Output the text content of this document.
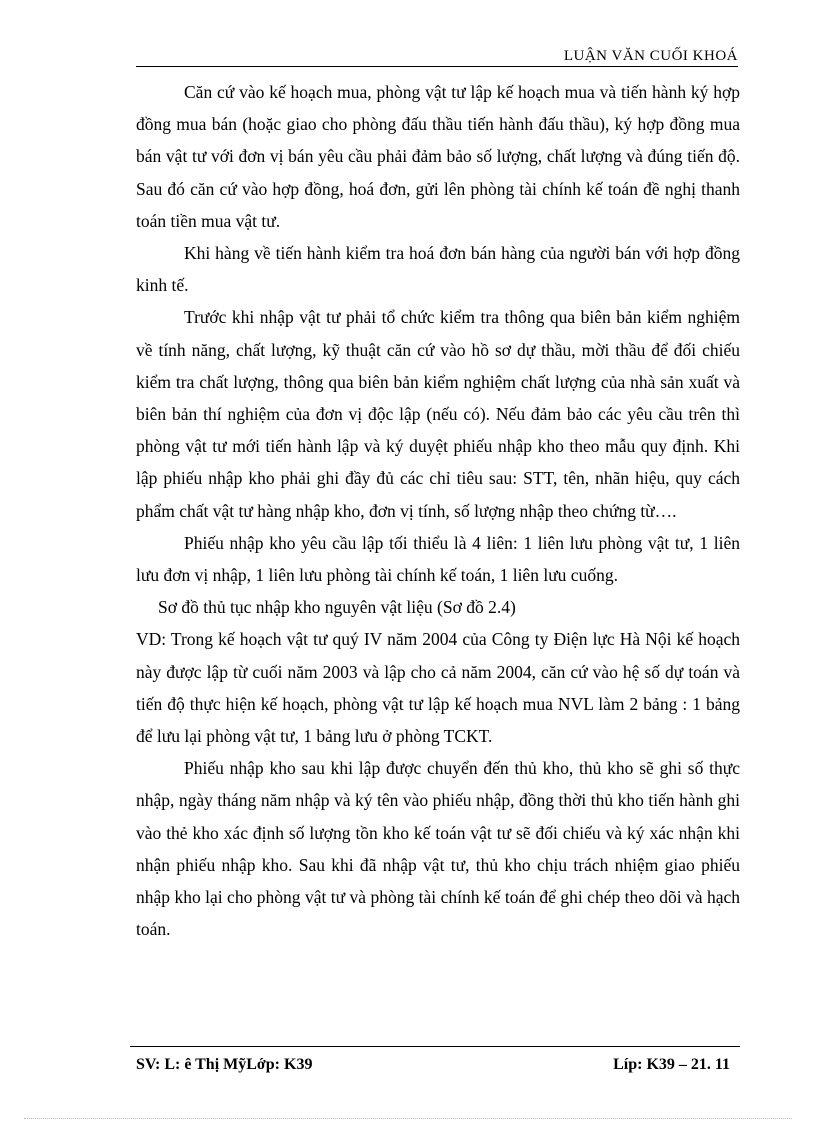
LUẬN VĂN CUỐI KHOÁ

Căn cứ vào kế hoạch mua, phòng vật tư lập kế hoạch mua và tiến hành ký hợp đồng mua bán (hoặc giao cho phòng đấu thầu tiến hành đấu thầu), ký hợp đồng mua bán vật tư với đơn vị bán yêu cầu phải đảm bảo số lượng, chất lượng và đúng tiến độ. Sau đó căn cứ vào hợp đồng, hoá đơn, gửi lên phòng tài chính kế toán đề nghị thanh toán tiền mua vật tư.

Khi hàng về tiến hành kiểm tra hoá đơn bán hàng của người bán với hợp đồng kinh tế.

Trước khi nhập vật tư phải tổ chức kiểm tra thông qua biên bản kiểm nghiệm về tính năng, chất lượng, kỹ thuật căn cứ vào hồ sơ dự thầu, mời thầu để đối chiếu kiểm tra chất lượng, thông qua biên bản kiểm nghiệm chất lượng của nhà sản xuất và biên bản thí nghiệm của đơn vị độc lập (nếu có). Nếu đảm bảo các yêu cầu trên thì phòng vật tư mới tiến hành lập và ký duyệt phiếu nhập kho theo mẫu quy định. Khi lập phiếu nhập kho phải ghi đầy đủ các chỉ tiêu sau: STT, tên, nhãn hiệu, quy cách phẩm chất vật tư hàng nhập kho, đơn vị tính, số lượng nhập theo chứng từ….

Phiếu nhập kho yêu cầu lập tối thiểu là 4 liên: 1 liên lưu phòng vật tư, 1 liên lưu đơn vị nhập, 1 liên lưu phòng tài chính kế toán, 1 liên lưu cuống.

Sơ đồ thủ tục nhập kho nguyên vật liệu (Sơ đồ 2.4)

VD: Trong kế hoạch vật tư quý IV năm 2004 của Công ty Điện lực Hà Nội kế hoạch này được lập từ cuối năm 2003 và lập cho cả năm 2004, căn cứ vào hệ số dự toán và tiến độ thực hiện kế hoạch, phòng vật tư lập kế hoạch mua NVL làm 2 bảng : 1 bảng để lưu lại phòng vật tư, 1 bảng lưu ở phòng TCKT.

Phiếu nhập kho sau khi lập được chuyển đến thủ kho, thủ kho sẽ ghi số thực nhập, ngày tháng năm nhập và ký tên vào phiếu nhập, đồng thời thủ kho tiến hành ghi vào thẻ kho xác định số lượng tồn kho kế toán vật tư sẽ đối chiếu và ký xác nhận khi nhận phiếu nhập kho. Sau khi đã nhập vật tư, thủ kho chịu trách nhiệm giao phiếu nhập kho lại cho phòng vật tư và phòng tài chính kế toán để ghi chép theo dõi và hạch toán.

SV: L: ê Thị MỹLớp: K39	Líp: K39 – 21. 11
